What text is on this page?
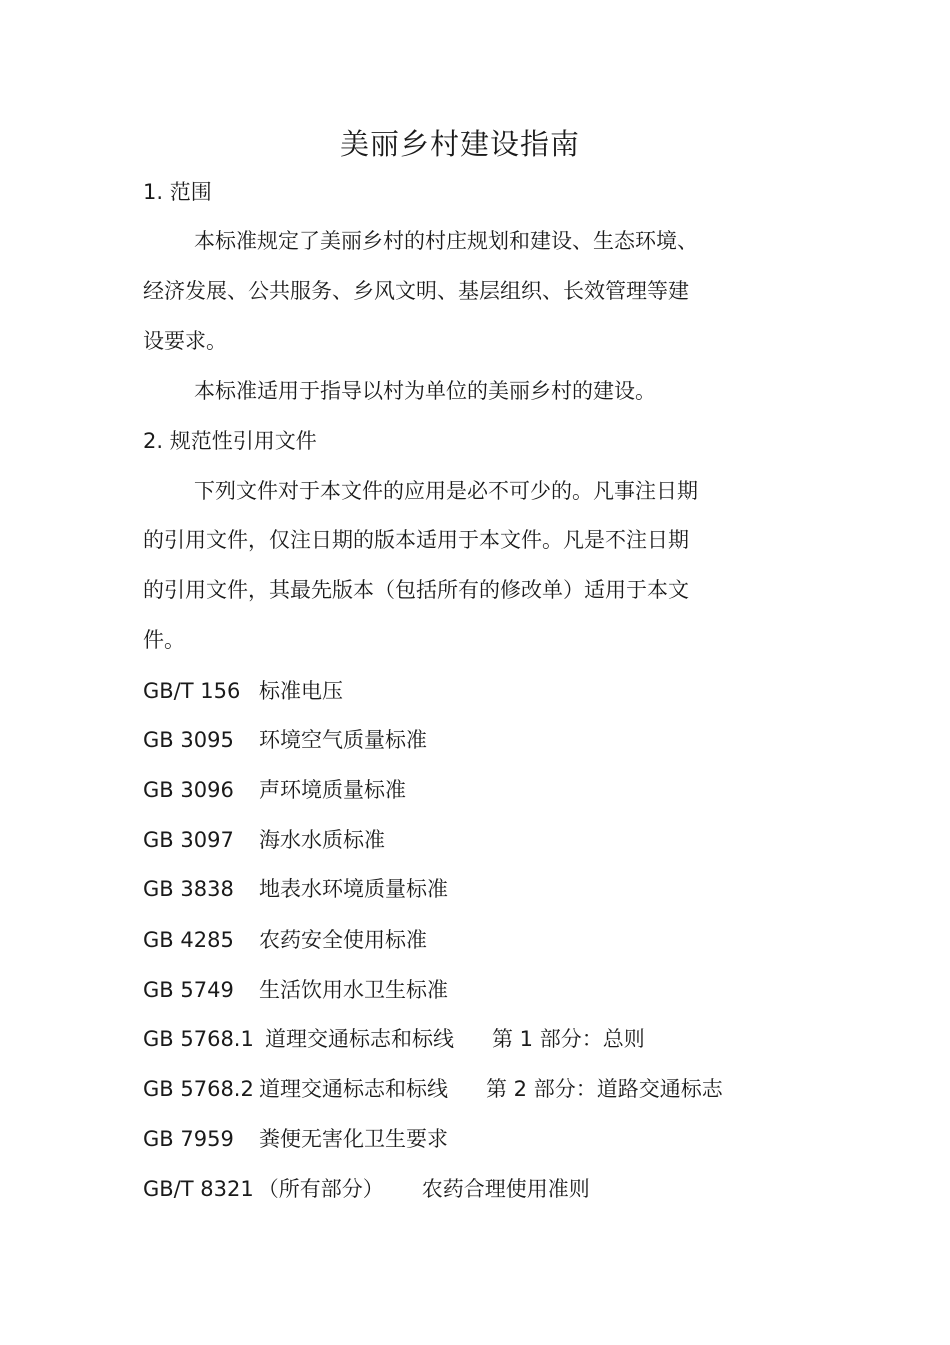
美丽乡村建设指南

1. 范围

本标准规定了美丽乡村的村庄规划和建设、生态环境、

经济发展、公共服务、乡风文明、基层组织、长效管理等建

设要求。

本标准适用于指导以村为单位的美丽乡村的建设。

2. 规范性引用文件

下列文件对于本文件的应用是必不可少的。凡事注日期

的引用文件，仅注日期的版本适用于本文件。凡是不注日期

的引用文件，其最先版本（包括所有的修改单）适用于本文

件。

GB/T 156 标准电压

GB 3095 环境空气质量标准

GB 3096 声环境质量标准

GB 3097 海水水质标准

GB 3838 地表水环境质量标准

GB 4285 农药安全使用标准

GB 5749 生活饮用水卫生标准

GB 5768.1 道理交通标志和标线 第 1 部分：总则

GB 5768.2 道理交通标志和标线 第 2 部分：道路交通标志

GB 7959 粪便无害化卫生要求

GB/T 8321 （所有部分） 农药合理使用准则
